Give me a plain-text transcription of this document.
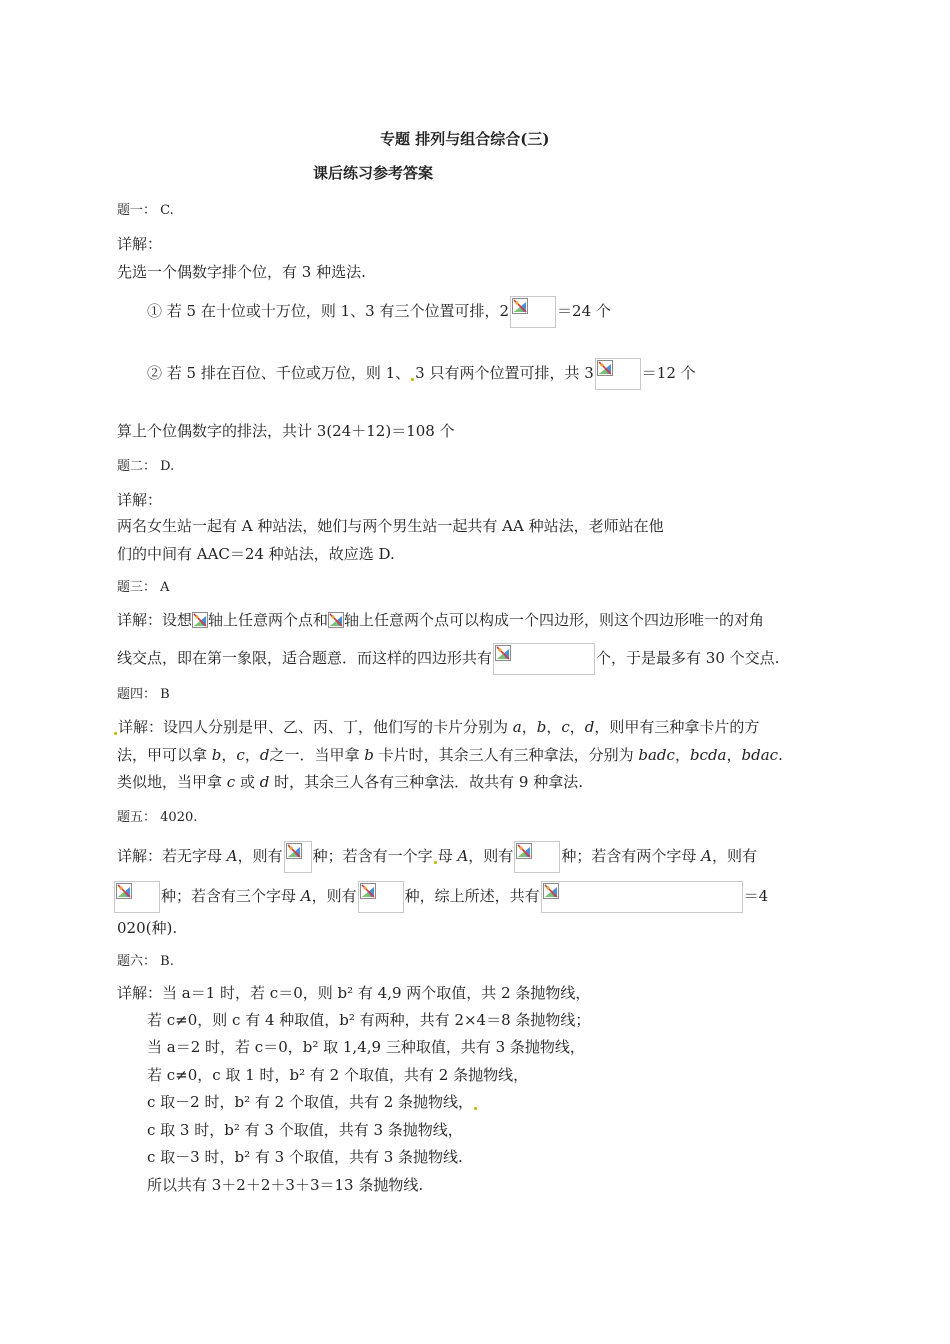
专题 排列与组合综合(三)
课后练习参考答案
题一： C.
详解：
先选一个偶数字排个位，有 3 种选法.
① 若 5 在十位或十万位，则 1、3 有三个位置可排，2	＝24 个
② 若 5 排在百位、千位或万位，则 1、 3 只有两个位置可排，共 3	＝12 个
算上个位偶数字的排法，共计 3(24＋12)＝108 个
题二： D.
详解：
两名女生站一起有 A 种站法，她们与两个男生站一起共有 AA 种站法，老师站在他
们的中间有 AAC＝24 种站法，故应选 D.
题三： A
详解：设想 轴上任意两个点和 轴上任意两个点可以构成一个四边形，则这个四边形唯一的对角
线交点，即在第一象限，适合题意．而这样的四边形共有	个，于是最多有 30 个交点.
题四： B
详解：设四人分别是甲、乙、丙、丁，他们写的卡片分别为 a，b，c，d，则甲有三种拿卡片的方
法，甲可以拿 b，c，d之一．当甲拿 b 卡片时，其余三人有三种拿法，分别为 badc，bcda，bdac.
类似地，当甲拿 c 或 d 时，其余三人各有三种拿法．故共有 9 种拿法.
题五： 4020.
详解：若无字母 A，则有 种；若含有一个字 母 A，则有	种；若含有两个字母 A，则有
种；若含有三个字母 A，则有	种，综上所述，共有	＝4
020(种).
题六： B.
详解：当 a＝1 时，若 c＝0，则 b² 有 4,9 两个取值，共 2 条抛物线，
若 c≠0，则 c 有 4 种取值，b² 有两种，共有 2×4＝8 条抛物线；
当 a＝2 时，若 c＝0，b² 取 1,4,9 三种取值，共有 3 条抛物线，
若 c≠0，c 取 1 时，b² 有 2 个取值，共有 2 条抛物线，
c 取－2 时，b² 有 2 个取值，共有 2 条抛物线，
c 取 3 时，b² 有 3 个取值，共有 3 条抛物线，
c 取－3 时，b² 有 3 个取值，共有 3 条抛物线.
所以共有 3＋2＋2＋3＋3＝13 条抛物线.
